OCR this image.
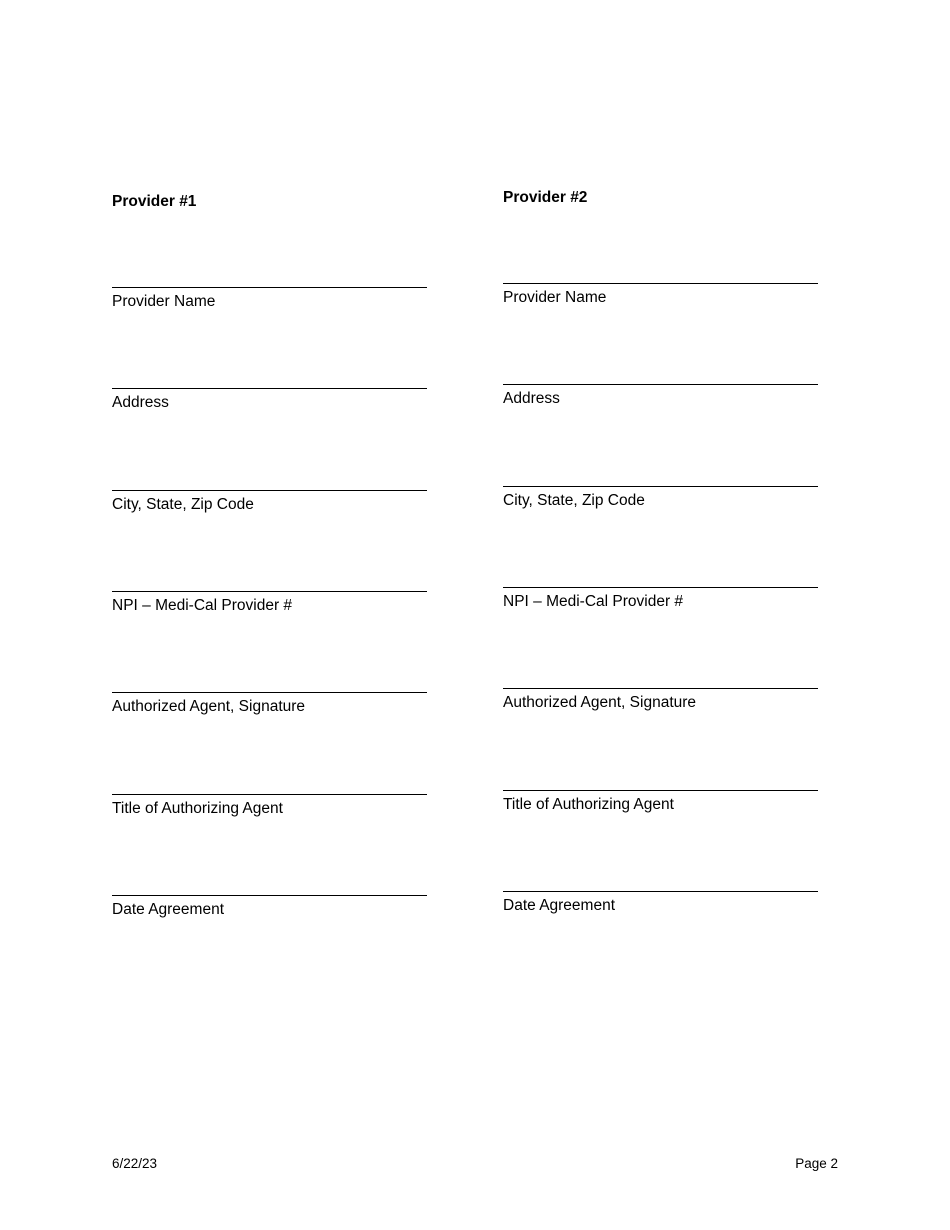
Provider #1
Provider Name
Address
City, State, Zip Code
NPI – Medi-Cal Provider #
Authorized Agent, Signature
Title of Authorizing Agent
Date Agreement
Provider #2
Provider Name
Address
City, State, Zip Code
NPI – Medi-Cal Provider #
Authorized Agent, Signature
Title of Authorizing Agent
Date Agreement
6/22/23	Page 2
